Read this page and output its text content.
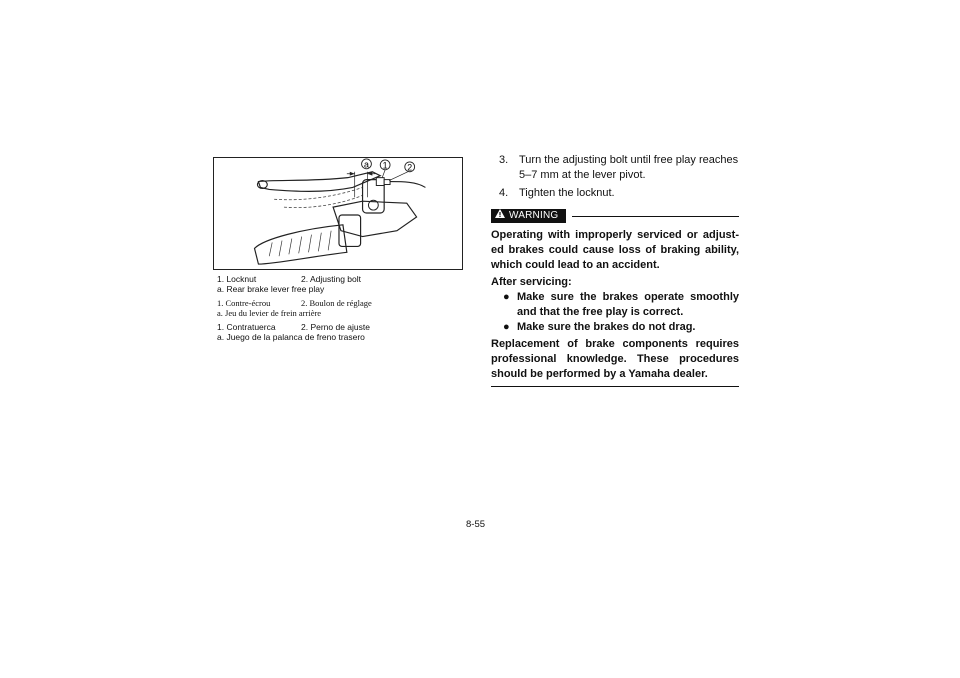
a 1 2
1. Locknut	2. Adjusting bolt
a. Rear brake lever free play
1. Contre-écrou	2. Boulon de réglage
a. Jeu du levier de frein arrière
1. Contratuerca	2. Perno de ajuste
a. Juego de la palanca de freno trasero
3. Turn the adjusting bolt until free play reaches 5–7 mm at the lever pivot.
4. Tighten the locknut.
WARNING
Operating with improperly serviced or adjust-ed brakes could cause loss of braking ability, which could lead to an accident.
After servicing:
● Make sure the brakes operate smoothly and that the free play is correct.
● Make sure the brakes do not drag.
Replacement of brake components requires professional knowledge. These procedures should be performed by a Yamaha dealer.
8-55
